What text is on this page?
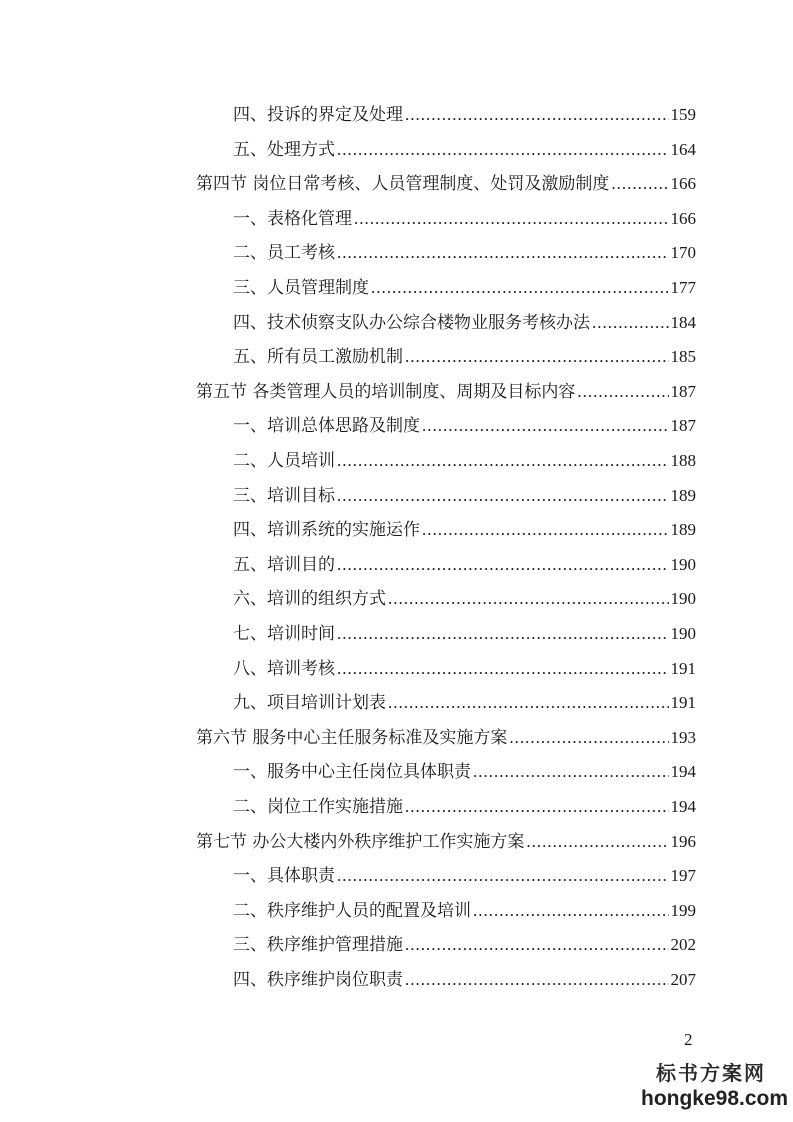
四、投诉的界定及处理 .....	159
五、处理方式 .....	164
第四节 岗位日常考核、人员管理制度、处罚及激励制度 .....	166
一、表格化管理 .....	166
二、员工考核 .....	170
三、人员管理制度 .....	177
四、技术侦察支队办公综合楼物业服务考核办法 .....	184
五、所有员工激励机制 .....	185
第五节 各类管理人员的培训制度、周期及目标内容 .....	187
一、培训总体思路及制度 .....	187
二、人员培训 .....	188
三、培训目标 .....	189
四、培训系统的实施运作 .....	189
五、培训目的 .....	190
六、培训的组织方式 .....	190
七、培训时间 .....	190
八、培训考核 .....	191
九、项目培训计划表 .....	191
第六节 服务中心主任服务标准及实施方案 .....	193
一、服务中心主任岗位具体职责 .....	194
二、岗位工作实施措施 .....	194
第七节 办公大楼内外秩序维护工作实施方案 .....	196
一、具体职责 .....	197
二、秩序维护人员的配置及培训 .....	199
三、秩序维护管理措施 .....	202
四、秩序维护岗位职责 .....	207
2
标书方案网
hongke98.com
